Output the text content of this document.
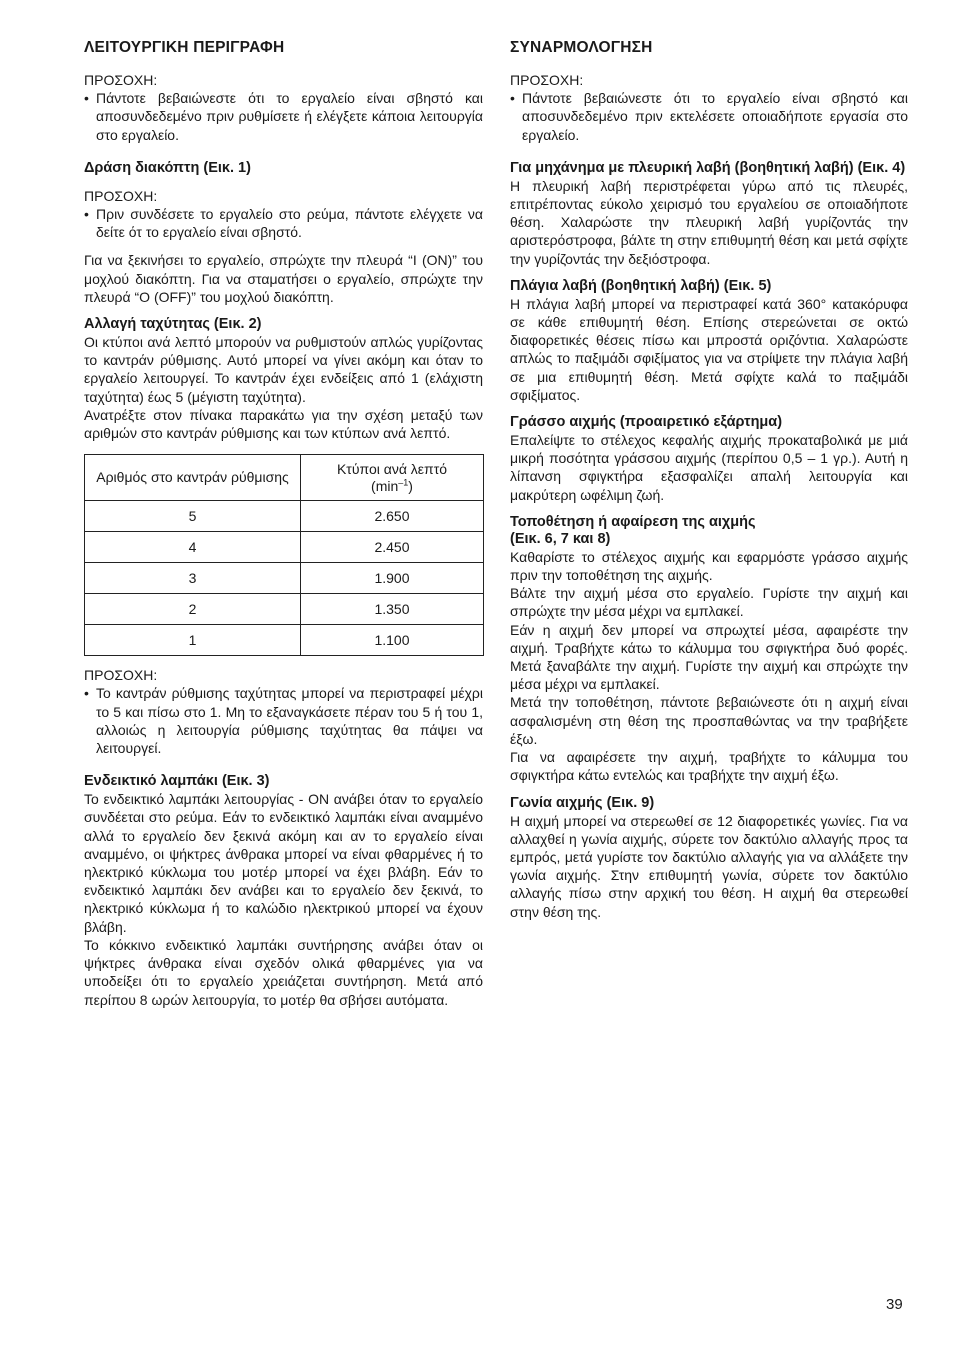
ΛΕΙΤΟΥΡΓΙΚΗ ΠΕΡΙΓΡΑΦΗ
ΠΡΟΣΟΧΗ:
• Πάντοτε βεβαιώνεστε ότι το εργαλείο είναι σβηστό και αποσυνδεδεμένο πριν ρυθμίσετε ή ελέγξετε κάποια λειτουργία στο εργαλείο.
Δράση διακόπτη (Εικ. 1)
ΠΡΟΣΟΧΗ:
• Πριν συνδέσετε το εργαλείο στο ρεύμα, πάντοτε ελέγχετε να δείτε ότ το εργαλείο είναι σβηστό.
Για να ξεκινήσει το εργαλείο, σπρώχτε την πλευρά “I (ON)” του μοχλού διακόπτη. Για να σταματήσει ο εργαλείο, σπρώχτε την πλευρά “O (OFF)” του μοχλού διακόπτη.
Αλλαγή ταχύτητας (Εικ. 2)
Οι κτύποι ανά λεπτό μπορούν να ρυθμιστούν απλώς γυρίζοντας το καντράν ρύθμισης. Αυτό μπορεί να γίνει ακόμη και όταν το εργαλείο λειτουργεί. Το καντράν έχει ενδείξεις από 1 (ελάχιστη ταχύτητα) έως 5 (μέγιστη ταχύτητα).
Ανατρέξτε στον πίνακα παρακάτω για την σχέση μεταξύ των αριθμών στο καντράν ρύθμισης και των κτύπων ανά λεπτό.
Αριθμός στο καντράν ρύθμισης	Κτύποι ανά λεπτό
$(\min^{-1})$
5	2.650
4	2.450
3	1.900
2	1.350
1	1.100
ΠΡΟΣΟΧΗ:
• Το καντράν ρύθμισης ταχύτητας μπορεί να περιστραφεί μέχρι το 5 και πίσω στο 1. Μη το εξαναγκάσετε πέραν του 5 ή του 1, αλλοιώς η λειτουργία ρύθμισης ταχύτητας θα πάψει να λειτουργεί.
Ενδεικτικό λαμπάκι (Εικ. 3)
Το ενδεικτικό λαμπάκι λειτουργίας - ON ανάβει όταν το εργαλείο συνδέεται στο ρεύμα. Εάν το ενδεικτικό λαμπάκι είναι αναμμένο αλλά το εργαλείο δεν ξεκινά ακόμη και αν το εργαλείο είναι αναμμένο, οι ψήκτρες άνθρακα μπορεί να είναι φθαρμένες ή το ηλεκτρικό κύκλωμα του μοτέρ μπορεί να έχει βλάβη. Εάν το ενδεικτικό λαμπάκι δεν ανάβει και το εργαλείο δεν ξεκινά, το ηλεκτρικό κύκλωμα ή το καλώδιο ηλεκτρικού μπορεί να έχουν βλάβη.
Το κόκκινο ενδεικτικό λαμπάκι συντήρησης ανάβει όταν οι ψήκτρες άνθρακα είναι σχεδόν ολικά φθαρμένες για να υποδείξει ότι το εργαλείο χρειάζεται συντήρηση. Μετά από περίπου 8 ωρών λειτουργία, το μοτέρ θα σβήσει αυτόματα.
ΣΥΝΑΡΜΟΛΟΓΗΣΗ
ΠΡΟΣΟΧΗ:
• Πάντοτε βεβαιώνεστε ότι το εργαλείο είναι σβηστό και αποσυνδεδεμένο πριν εκτελέσετε οποιαδήποτε εργασία στο εργαλείο.
Για μηχάνημα με πλευρική λαβή (βοηθητική λαβή) (Εικ. 4)
Η πλευρική λαβή περιστρέφεται γύρω από τις πλευρές, επιτρέποντας εύκολο χειρισμό του εργαλείου σε οποιαδήποτε θέση. Χαλαρώστε την πλευρική λαβή γυρίζοντάς την αριστερόστροφα, βάλτε τη στην επιθυμητή θέση και μετά σφίχτε την γυρίζοντάς την δεξιόστροφα.
Πλάγια λαβή (βοηθητική λαβή) (Εικ. 5)
Η πλάγια λαβή μπορεί να περιστραφεί κατά 360° κατακόρυφα σε κάθε επιθυμητή θέση. Επίσης στερεώνεται σε οκτώ διαφορετικές θέσεις πίσω και μπροστά οριζόντια. Χαλαρώστε απλώς το παξιμάδι σφιξίματος για να στρίψετε την πλάγια λαβή σε μια επιθυμητή θέση. Μετά σφίχτε καλά το παξιμάδι σφιξίματος.
Γράσσο αιχμής (προαιρετικό εξάρτημα)
Επαλείψτε το στέλεχος κεφαλής αιχμής προκαταβολικά με μιά μικρή ποσότητα γράσσου αιχμής (περίπου 0,5 – 1 γρ.). Αυτή η λίπανση σφιγκτήρα εξασφαλίζει απαλή λειτουργία και μακρύτερη ωφέλιμη ζωή.
Τοποθέτηση ή αφαίρεση της αιχμής
(Εικ. 6, 7 και 8)
Καθαρίστε το στέλεχος αιχμής και εφαρμόστε γράσσο αιχμής πριν την τοποθέτηση της αιχμής.
Βάλτε την αιχμή μέσα στο εργαλείο. Γυρίστε την αιχμή και σπρώχτε την μέσα μέχρι να εμπλακεί.
Εάν η αιχμή δεν μπορεί να σπρωχτεί μέσα, αφαιρέστε την αιχμή. Τραβήχτε κάτω το κάλυμμα του σφιγκτήρα δυό φορές. Μετά ξαναβάλτε την αιχμή. Γυρίστε την αιχμή και σπρώχτε την μέσα μέχρι να εμπλακεί.
Μετά την τοποθέτηση, πάντοτε βεβαιώνεστε ότι η αιχμή είναι ασφαλισμένη στη θέση της προσπαθώντας να την τραβήξετε έξω.
Για να αφαιρέσετε την αιχμή, τραβήχτε το κάλυμμα του σφιγκτήρα κάτω εντελώς και τραβήχτε την αιχμή έξω.
Γωνία αιχμής (Εικ. 9)
Η αιχμή μπορεί να στερεωθεί σε 12 διαφορετικές γωνίες. Για να αλλαχθεί η γωνία αιχμής, σύρετε τον δακτύλιο αλλαγής προς τα εμπρός, μετά γυρίστε τον δακτύλιο αλλαγής για να αλλάξετε την γωνία αιχμής. Στην επιθυμητή γωνία, σύρετε τον δακτύλιο αλλαγής πίσω στην αρχική του θέση. Η αιχμή θα στερεωθεί στην θέση της.
39
